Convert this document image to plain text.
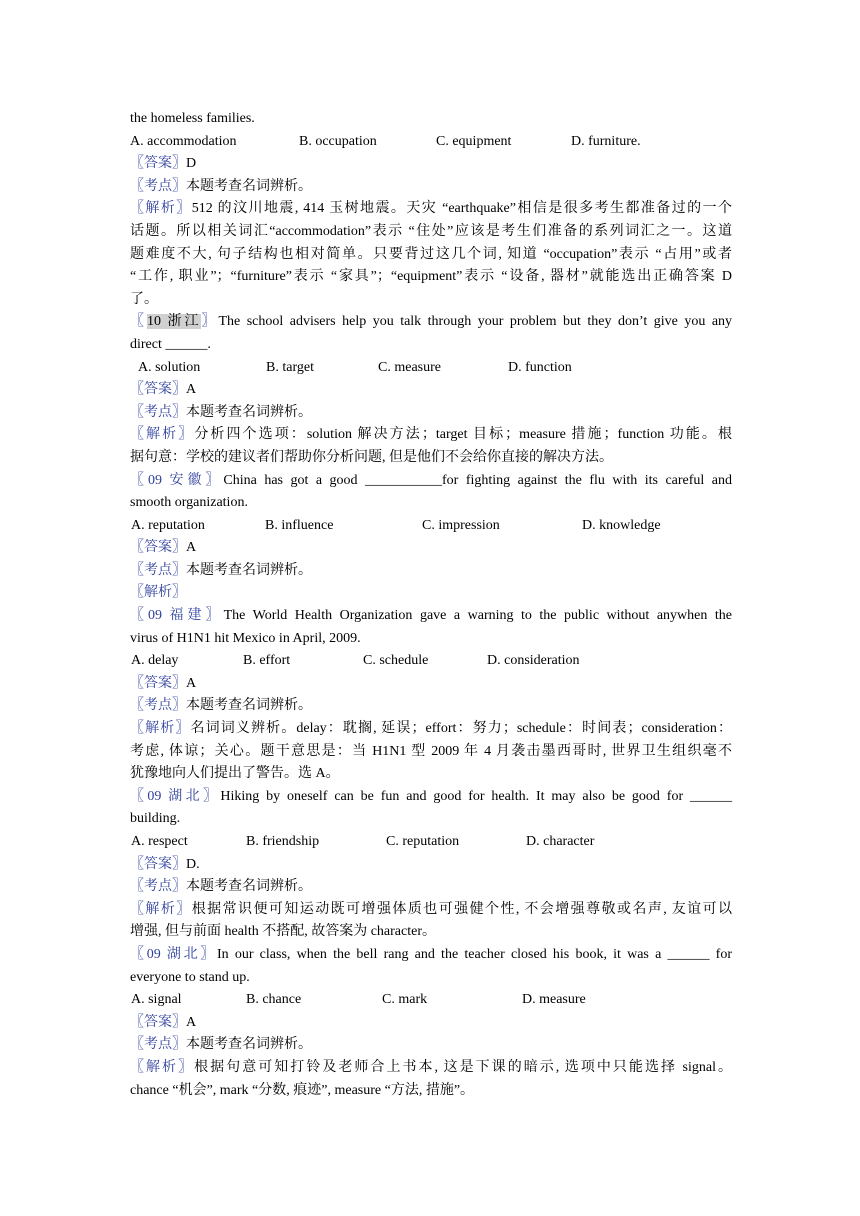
the homeless families.
A. accommodation	B. occupation	C. equipment	D. furniture.
〖答案〗D
〖考点〗本题考查名词辨析。
〖解析〗512 的汶川地震, 414 玉树地震。天灾 “earthquake”相信是很多考生都准备过的一个
话题。所以相关词汇“accommodation”表示 “住处”应该是考生们准备的系列词汇之一。这道
题难度不大, 句子结构也相对简单。只要背过这几个词, 知道 “occupation”表示 “占用”或者
“工作, 职业”；“furniture”表示 “家具”；“equipment”表示 “设备, 器材”就能选出正确答案 D
了。
〖10 浙江〗The school advisers help you talk through your problem but they don’t give you any
direct ______.
A. solution	B. target	C. measure	D. function
〖答案〗A
〖考点〗本题考查名词辨析。
〖解析〗分析四个选项：solution 解决方法；target 目标；measure 措施；function 功能。根
据句意：学校的建议者们帮助你分析问题, 但是他们不会给你直接的解决方法。
〖09 安徽〗China has got a good ___________for fighting against the flu with its careful and
smooth organization.
A. reputation	B. influence	C. impression	D. knowledge
〖答案〗A
〖考点〗本题考查名词辨析。
〖解析〗
〖09 福建〗The World Health Organization gave a warning to the public without anywhen the
virus of H1N1 hit Mexico in April, 2009.
A. delay	B. effort	C. schedule	D. consideration
〖答案〗A
〖考点〗本题考查名词辨析。
〖解析〗名词词义辨析。delay：耽搁, 延误；effort：努力；schedule：时间表；consideration：
考虑, 体谅；关心。题干意思是：当 H1N1 型 2009 年 4 月袭击墨西哥时, 世界卫生组织毫不
犹豫地向人们提出了警告。选 A。
〖09 湖北〗Hiking by oneself can be fun and good for health. It may also be good for ______
building.
A. respect	B. friendship	C. reputation	D. character
〖答案〗D.
〖考点〗本题考查名词辨析。
〖解析〗根据常识便可知运动既可增强体质也可强健个性, 不会增强尊敬或名声, 友谊可以
增强, 但与前面 health 不搭配, 故答案为 character。
〖09 湖北〗In our class, when the bell rang and the teacher closed his book, it was a ______ for
everyone to stand up.
A. signal	B. chance	C. mark	D. measure
〖答案〗A
〖考点〗本题考查名词辨析。
〖解析〗根据句意可知打铃及老师合上书本, 这是下课的暗示, 选项中只能选择 signal。
chance “机会”, mark “分数, 痕迹”, measure “方法, 措施”。
